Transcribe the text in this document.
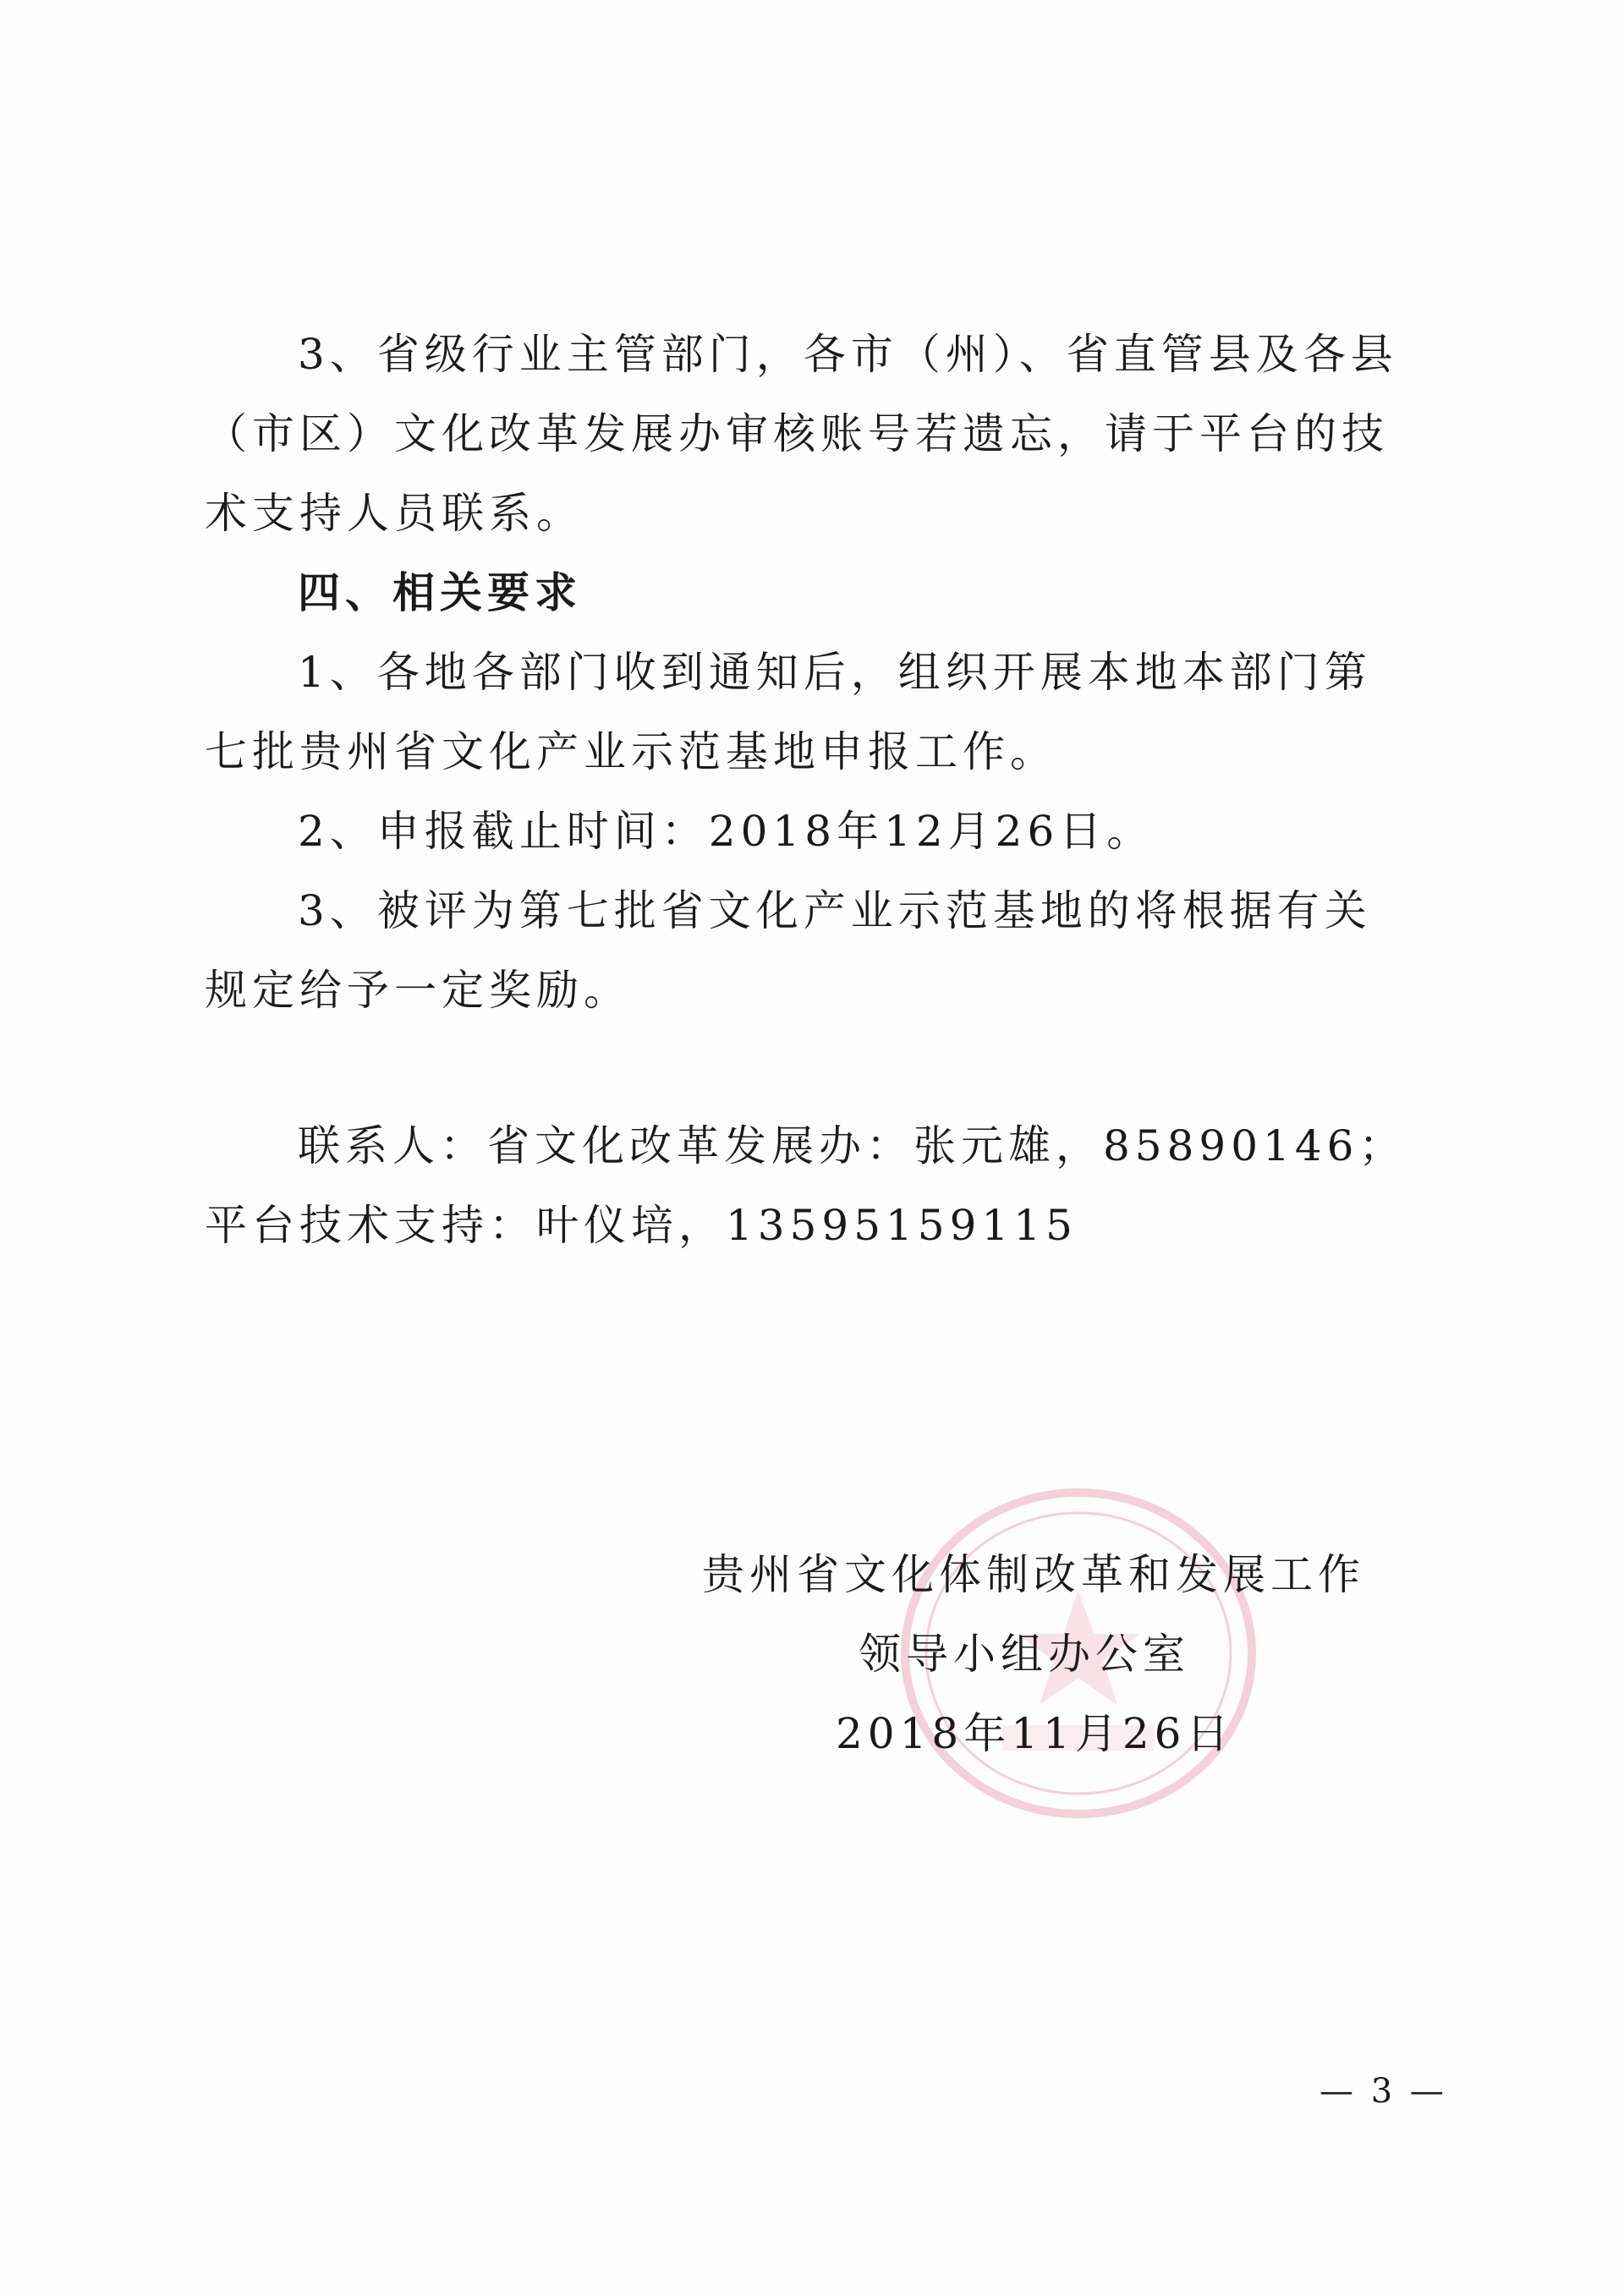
3、省级行业主管部门，各市（州）、省直管县及各县（市区）文化改革发展办审核账号若遗忘，请于平台的技术支持人员联系。

四、相关要求

1、各地各部门收到通知后，组织开展本地本部门第七批贵州省文化产业示范基地申报工作。

2、申报截止时间：2018年12月26日。

3、被评为第七批省文化产业示范基地的将根据有关规定给予一定奖励。

联系人：省文化改革发展办：张元雄，85890146；平台技术支持：叶仪培，13595159115

贵州省文化体制改革和发展工作
领导小组办公室
2018年11月26日
— 3 —
